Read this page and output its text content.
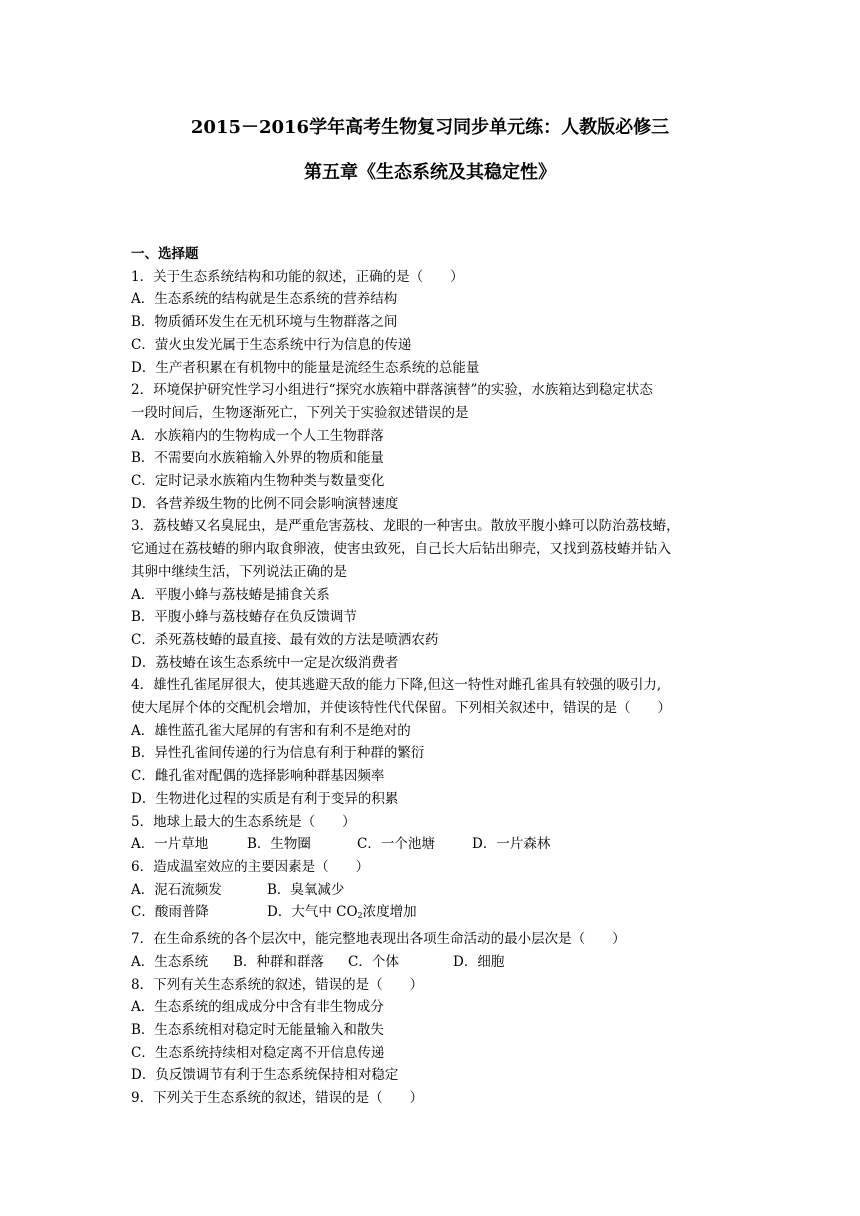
2015－2016学年高考生物复习同步单元练：人教版必修三
第五章《生态系统及其稳定性》
一、选择题
1．关于生态系统结构和功能的叙述，正确的是（　　）
A．生态系统的结构就是生态系统的营养结构
B．物质循环发生在无机环境与生物群落之间
C．萤火虫发光属于生态系统中行为信息的传递
D．生产者积累在有机物中的能量是流经生态系统的总能量
2．环境保护研究性学习小组进行“探究水族箱中群落演替”的实验，水族箱达到稳定状态
一段时间后，生物逐渐死亡，下列关于实验叙述错误的是
A．水族箱内的生物构成一个人工生物群落
B．不需要向水族箱输入外界的物质和能量
C．定时记录水族箱内生物种类与数量变化
D．各营养级生物的比例不同会影响演替速度
3．荔枝蝽又名臭屁虫，是严重危害荔枝、龙眼的一种害虫。散放平腹小蜂可以防治荔枝蝽，
它通过在荔枝蝽的卵内取食卵液，使害虫致死，自己长大后钻出卵壳，又找到荔枝蝽并钻入
其卵中继续生活，下列说法正确的是
A．平腹小蜂与荔枝蝽是捕食关系
B．平腹小蜂与荔枝蝽存在负反馈调节
C．杀死荔枝蝽的最直接、最有效的方法是喷洒农药
D．荔枝蝽在该生态系统中一定是次级消费者
4．雄性孔雀尾屏很大，使其逃避天敌的能力下降,但这一特性对雌孔雀具有较强的吸引力,
使大尾屏个体的交配机会增加，并使该特性代代保留。下列相关叙述中，错误的是（　　）
A．雄性蓝孔雀大尾屏的有害和有利不是绝对的
B．异性孔雀间传递的行为信息有利于种群的繁衍
C．雌孔雀对配偶的选择影响种群基因频率
D．生物进化过程的实质是有利于变异的积累
5．地球上最大的生态系统是（　　）
A．一片草地	B．生物圈	C．一个池塘	D．一片森林
6．造成温室效应的主要因素是（　　）
A．泥石流频发	B．臭氧减少
C．酸雨普降	D．大气中 $CO_2$浓度增加
7．在生命系统的各个层次中，能完整地表现出各项生命活动的最小层次是（　　）
A．生态系统 B．种群和群落 C．个体	D．细胞
8．下列有关生态系统的叙述，错误的是（　　）
A．生态系统的组成成分中含有非生物成分
B．生态系统相对稳定时无能量输入和散失
C．生态系统持续相对稳定离不开信息传递
D．负反馈调节有利于生态系统保持相对稳定
9．下列关于生态系统的叙述，错误的是（　　）
